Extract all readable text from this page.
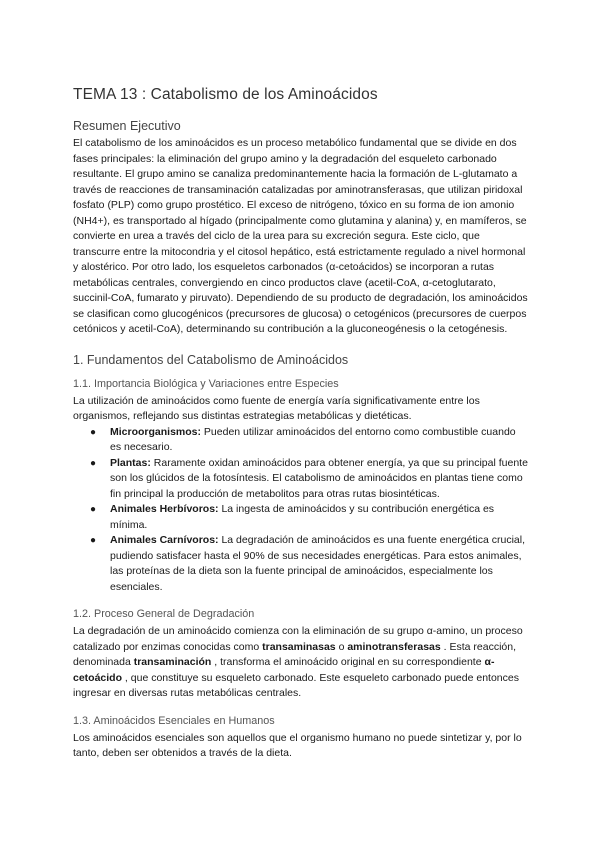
TEMA 13 : Catabolismo de los Aminoácidos
Resumen Ejecutivo

El catabolismo de los aminoácidos es un proceso metabólico fundamental que se divide en dos fases principales: la eliminación del grupo amino y la degradación del esqueleto carbonado resultante. El grupo amino se canaliza predominantemente hacia la formación de L-glutamato a través de reacciones de transaminación catalizadas por aminotransferasas, que utilizan piridoxal fosfato (PLP) como grupo prostético. El exceso de nitrógeno, tóxico en su forma de ion amonio (NH4+), es transportado al hígado (principalmente como glutamina y alanina) y, en mamíferos, se convierte en urea a través del ciclo de la urea para su excreción segura. Este ciclo, que transcurre entre la mitocondria y el citosol hepático, está estrictamente regulado a nivel hormonal y alostérico. Por otro lado, los esqueletos carbonados (α-cetoácidos) se incorporan a rutas metabólicas centrales, convergiendo en cinco productos clave (acetil-CoA, α-cetoglutarato, succinil-CoA, fumarato y piruvato). Dependiendo de su producto de degradación, los aminoácidos se clasifican como glucogénicos (precursores de glucosa) o cetogénicos (precursores de cuerpos cetónicos y acetil-CoA), determinando su contribución a la gluconeogénesis o la cetogénesis.

1. Fundamentos del Catabolismo de Aminoácidos
1.1. Importancia Biológica y Variaciones entre Especies

La utilización de aminoácidos como fuente de energía varía significativamente entre los organismos, reflejando sus distintas estrategias metabólicas y dietéticas.

● Microorganismos: Pueden utilizar aminoácidos del entorno como combustible cuando es necesario.
● Plantas: Raramente oxidan aminoácidos para obtener energía, ya que su principal fuente son los glúcidos de la fotosíntesis. El catabolismo de aminoácidos en plantas tiene como fin principal la producción de metabolitos para otras rutas biosintéticas.
● Animales Herbívoros: La ingesta de aminoácidos y su contribución energética es mínima.
● Animales Carnívoros: La degradación de aminoácidos es una fuente energética crucial, pudiendo satisfacer hasta el 90% de sus necesidades energéticas. Para estos animales, las proteínas de la dieta son la fuente principal de aminoácidos, especialmente los esenciales.
1.2. Proceso General de Degradación

La degradación de un aminoácido comienza con la eliminación de su grupo α-amino, un proceso catalizado por enzimas conocidas como transaminasas o aminotransferasas . Esta reacción, denominada transaminación , transforma el aminoácido original en su correspondiente α-cetoácido , que constituye su esqueleto carbonado. Este esqueleto carbonado puede entonces ingresar en diversas rutas metabólicas centrales.

1.3. Aminoácidos Esenciales en Humanos

Los aminoácidos esenciales son aquellos que el organismo humano no puede sintetizar y, por lo tanto, deben ser obtenidos a través de la dieta.
